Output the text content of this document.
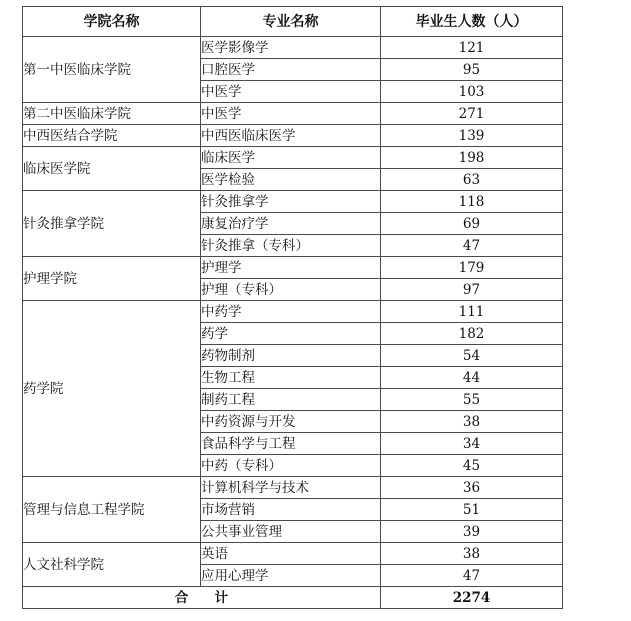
学院名称	专业名称	毕业生人数（人）
第一中医临床学院	医学影像学	121
	口腔医学	95
	中医学	103
第二中医临床学院	中医学	271
中西医结合学院	中西医临床医学	139
临床医学院	临床医学	198
	医学检验	63
针灸推拿学院	针灸推拿学	118
	康复治疗学	69
	针灸推拿（专科）	47
护理学院	护理学	179
	护理（专科）	97
药学院	中药学	111
	药学	182
	药物制剂	54
	生物工程	44
	制药工程	55
	中药资源与开发	38
	食品科学与工程	34
	中药（专科）	45
管理与信息工程学院	计算机科学与技术	36
	市场营销	51
	公共事业管理	39
人文社科学院	英语	38
	应用心理学	47
合 计		2274
